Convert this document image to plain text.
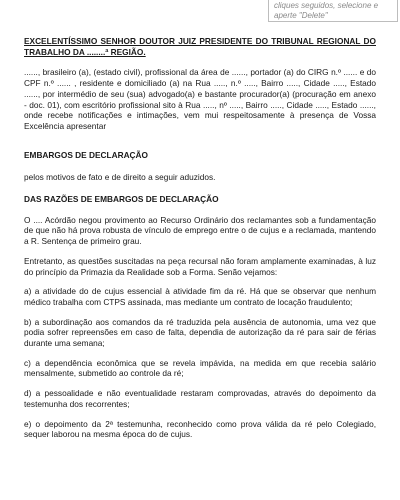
cliques seguidos, selecione e
aperte "Delete"

EXCELENTÍSSIMO SENHOR DOUTOR JUIZ PRESIDENTE DO TRIBUNAL REGIONAL DO TRABALHO DA ........ª REGIÃO.

......, brasileiro (a), (estado civil), profissional da área de ......, portador (a) do CIRG n.º ...... e do CPF n.º ...... , residente e domiciliado (a) na Rua ....., n.º ....., Bairro ....., Cidade ....., Estado ......, por intermédio de seu (sua) advogado(a) e bastante procurador(a) (procuração em anexo - doc. 01), com escritório profissional sito à Rua ....., nº ....., Bairro ....., Cidade ....., Estado ......, onde recebe notificações e intimações, vem mui respeitosamente à presença de Vossa Excelência apresentar

EMBARGOS DE DECLARAÇÃO

pelos motivos de fato e de direito a seguir aduzidos.

DAS RAZÕES DE EMBARGOS DE DECLARAÇÃO

O .... Acórdão negou provimento ao Recurso Ordinário dos reclamantes sob a fundamentação de que não há prova robusta de vínculo de emprego entre o de cujus e a reclamada, mantendo a R. Sentença de primeiro grau.

Entretanto, as questões suscitadas na peça recursal não foram amplamente examinadas, à luz do princípio da Primazia da Realidade sob a Forma. Senão vejamos:

a) a atividade do de cujus essencial à atividade fim da ré. Há que se observar que nenhum médico trabalha com CTPS assinada, mas mediante um contrato de locação fraudulento;

b) a subordinação aos comandos da ré traduzida pela ausência de autonomia, uma vez que podia sofrer repreensões em caso de falta, dependia de autorização da ré para sair de férias durante uma semana;

c) a dependência econômica que se revela impávida, na medida em que recebia salário mensalmente, submetido ao controle da ré;

d) a pessoalidade e não eventualidade restaram comprovadas, através do depoimento da testemunha dos recorrentes;

e) o depoimento da 2ª testemunha, reconhecido como prova válida da ré pelo Colegiado, sequer laborou na mesma época do de cujus.
